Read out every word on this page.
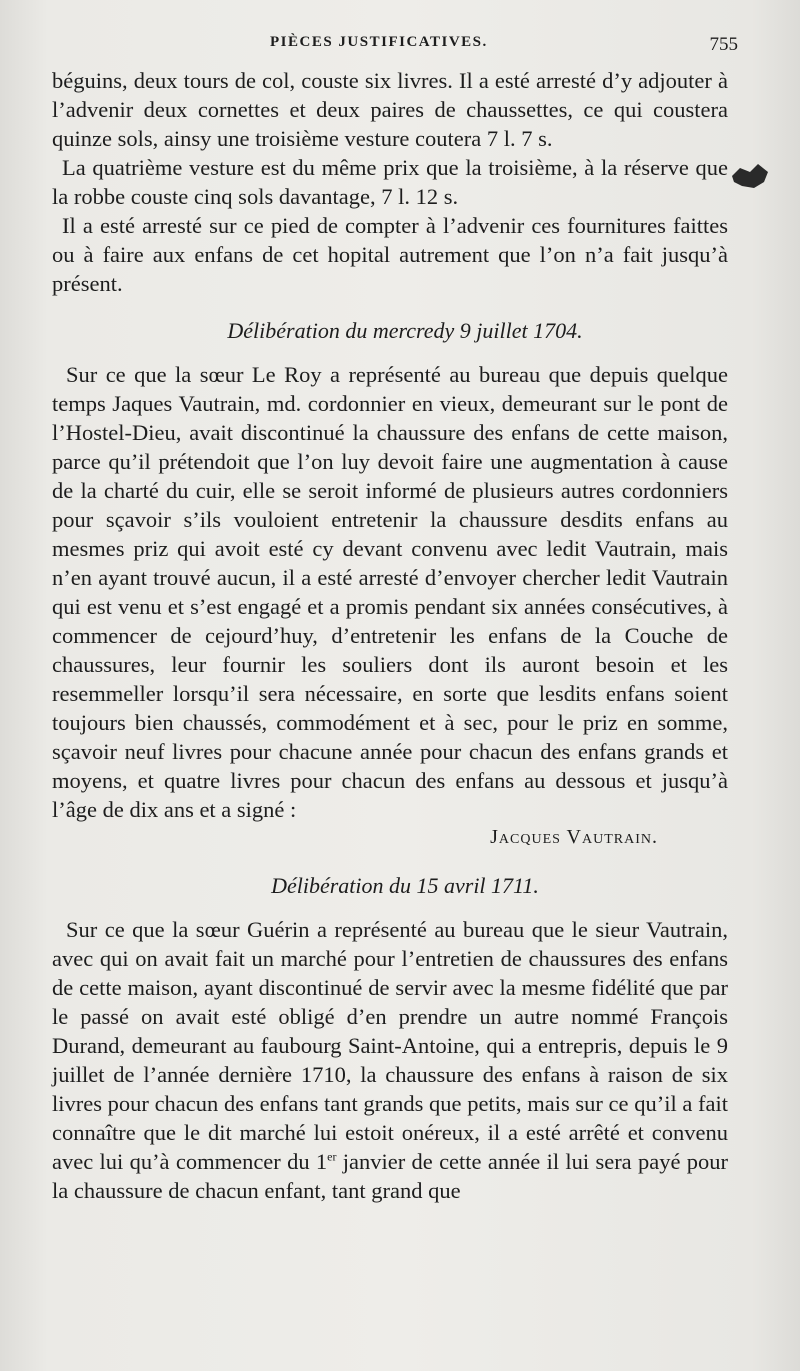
PIÈCES JUSTIFICATIVES.	755

béguins, deux tours de col, couste six livres. Il a esté arresté d’y adjouter à l’advenir deux cornettes et deux paires de chaussettes, ce qui coustera quinze sols, ainsy une troisième vesture coutera 7 l. 7 s.

La quatrième vesture est du même prix que la troisième, à la réserve que la robbe couste cinq sols davantage, 7 l. 12 s.

Il a esté arresté sur ce pied de compter à l’advenir ces fournitures faittes ou à faire aux enfans de cet hopital autrement que l’on n’a fait jusqu’à présent.

Délibération du mercredy 9 juillet 1704.

Sur ce que la sœur Le Roy a représenté au bureau que depuis quelque temps Jaques Vautrain, md. cordonnier en vieux, demeurant sur le pont de l’Hostel-Dieu, avait discontinué la chaussure des enfans de cette maison, parce qu’il prétendoit que l’on luy devoit faire une augmentation à cause de la charté du cuir, elle se seroit informé de plusieurs autres cordonniers pour sçavoir s’ils vouloient entretenir la chaussure desdits enfans au mesmes priz qui avoit esté cy devant convenu avec ledit Vautrain, mais n’en ayant trouvé aucun, il a esté arresté d’envoyer chercher ledit Vautrain qui est venu et s’est engagé et a promis pendant six années consécutives, à commencer de cejourd’huy, d’entretenir les enfans de la Couche de chaussures, leur fournir les souliers dont ils auront besoin et les resemmeller lorsqu’il sera nécessaire, en sorte que lesdits enfans soient toujours bien chaussés, commodément et à sec, pour le priz en somme, sçavoir neuf livres pour chacune année pour chacun des enfans grands et moyens, et quatre livres pour chacun des enfans au dessous et jusqu’à l’âge de dix ans et a signé :

Jacques Vautrain.
Délibération du 15 avril 1711.

Sur ce que la sœur Guérin a représenté au bureau que le sieur Vautrain, avec qui on avait fait un marché pour l’entretien de chaussures des enfans de cette maison, ayant discontinué de servir avec la mesme fidélité que par le passé on avait esté obligé d’en prendre un autre nommé François Durand, demeurant au faubourg Saint-Antoine, qui a entrepris, depuis le 9 juillet de l’année dernière 1710, la chaussure des enfans à raison de six livres pour chacun des enfans tant grands que petits, mais sur ce qu’il a fait connaître que le dit marché lui estoit onéreux, il a esté arrêté et convenu avec lui qu’à commencer du 1er janvier de cette année il lui sera payé pour la chaussure de chacun enfant, tant grand que
